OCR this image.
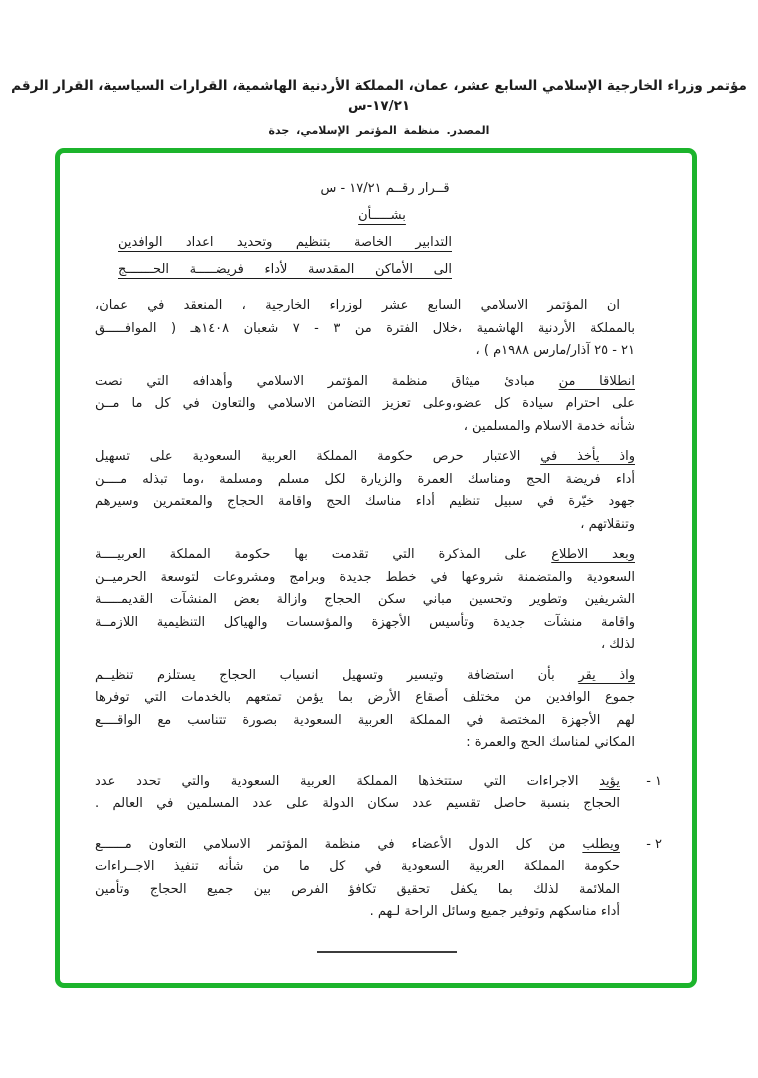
مؤتمر وزراء الخارجية الإسلامي السابع عشر، عمان، المملكة الأردنية الهاشمية، القرارات السياسية، القرار الرقم ١٧/٢١-س
المصدر. منظمة المؤتمر الإسلامي، جدة
قــرار رقــم ١٧/٢١ - س
بشـــــأن
التدابير الخاصة بتنظيم وتحديد اعداد الوافدين
الى الأماكن المقدسة لأداء فريضـــــة الحـــــــج
ان المؤتمر الاسلامي السابع عشر لوزراء الخارجية ، المنعقد في عمان،
بالمملكة الأردنية الهاشمية ،خلال الفترة من ٣ - ٧ شعبان ١٤٠٨هـ ( الموافـــــق
٢١ - ٢٥ آذار/مارس ١٩٨٨م ) ،
انطلاقا من مبادئ ميثاق منظمة المؤتمر الاسلامي وأهدافه التي نصت
على احترام سيادة كل عضو،وعلى تعزيز التضامن الاسلامي والتعاون في كل ما مــن
شأنه خدمة الاسلام والمسلمين ،
واذ يأخذ في الاعتبار حرص حكومة المملكة العربية السعودية على تسهيل
أداء فريضة الحج ومناسك العمرة والزيارة لكل مسلم ومسلمة ،وما تبذله مــــن
جهود خيّرة في سبيل تنظيم أداء مناسك الحج واقامة الحجاج والمعتمرين وسيرهم
وتنقلاتهم ،
وبعد الاطلاع على المذكرة التي تقدمت بها حكومة المملكة العربيــــة
السعودية والمتضمنة شروعها في خطط جديدة وبرامج ومشروعات لتوسعة الحرميــن
الشريفين وتطوير وتحسين مباني سكن الحجاج وازالة بعض المنشآت القديمـــــة
واقامة منشآت جديدة وتأسيس الأجهزة والمؤسسات والهياكل التنظيمية اللازمــة
لذلك ،
واذ يقر بأن استضافة وتيسير وتسهيل انسياب الحجاج يستلزم تنظيــم
جموع الوافدين من مختلف أصقاع الأرض بما يؤمن تمتعهم بالخدمات التي توفرها
لهم الأجهزة المختصة في المملكة العربية السعودية بصورة تتناسب مع الواقــــع
المكاني لمناسك الحج والعمرة :
١ -
يؤيد الاجراءات التي ستتخذها المملكة العربية السعودية والتي تحدد عدد
الحجاج بنسبة حاصل تقسيم عدد سكان الدولة على عدد المسلمين في العالم .
٢ -
ويطلب من كل الدول الأعضاء في منظمة المؤتمر الاسلامي التعاون مــــــع
حكومة المملكة العربية السعودية في كل ما من شأنه تنفيذ الاجــراءات
الملائمة لذلك بما يكفل تحقيق تكافؤ الفرص بين جميع الحجاج وتأمين
أداء مناسكهم وتوفير جميع وسائل الراحة لـهم .
